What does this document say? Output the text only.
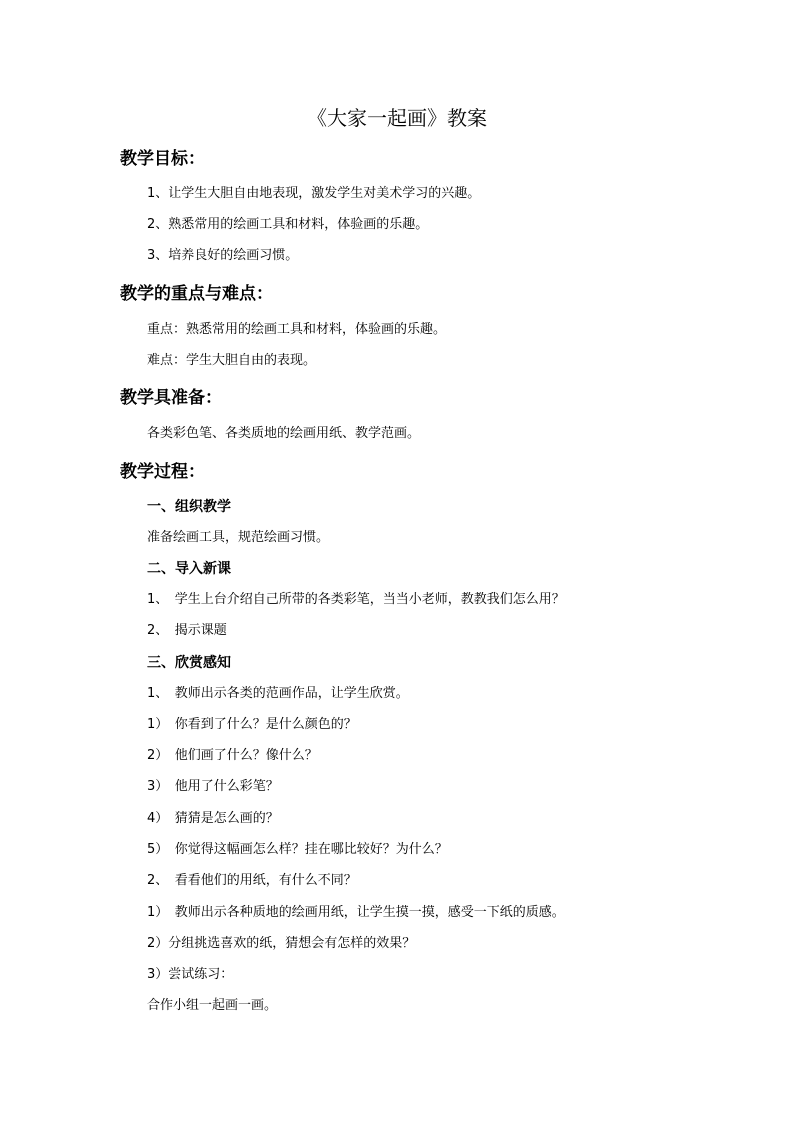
《大家一起画》教案
教学目标：
1、让学生大胆自由地表现，激发学生对美术学习的兴趣。
2、熟悉常用的绘画工具和材料，体验画的乐趣。
3、培养良好的绘画习惯。
教学的重点与难点：
重点：熟悉常用的绘画工具和材料，体验画的乐趣。
难点：学生大胆自由的表现。
教学具准备：
各类彩色笔、各类质地的绘画用纸、教学范画。
教学过程：
一、组织教学
准备绘画工具，规范绘画习惯。
二、导入新课
1、　学生上台介绍自己所带的各类彩笔，当当小老师，教教我们怎么用？
2、　揭示课题
三、欣赏感知
1、　教师出示各类的范画作品，让学生欣赏。
1）　你看到了什么？是什么颜色的？
2）　他们画了什么？像什么？
3）　他用了什么彩笔？
4）　猜猜是怎么画的？
5）　你觉得这幅画怎么样？挂在哪比较好？为什么？
2、　看看他们的用纸，有什么不同？
1）　教师出示各种质地的绘画用纸，让学生摸一摸，感受一下纸的质感。
2）分组挑选喜欢的纸，猜想会有怎样的效果？
3）尝试练习：
合作小组一起画一画。
